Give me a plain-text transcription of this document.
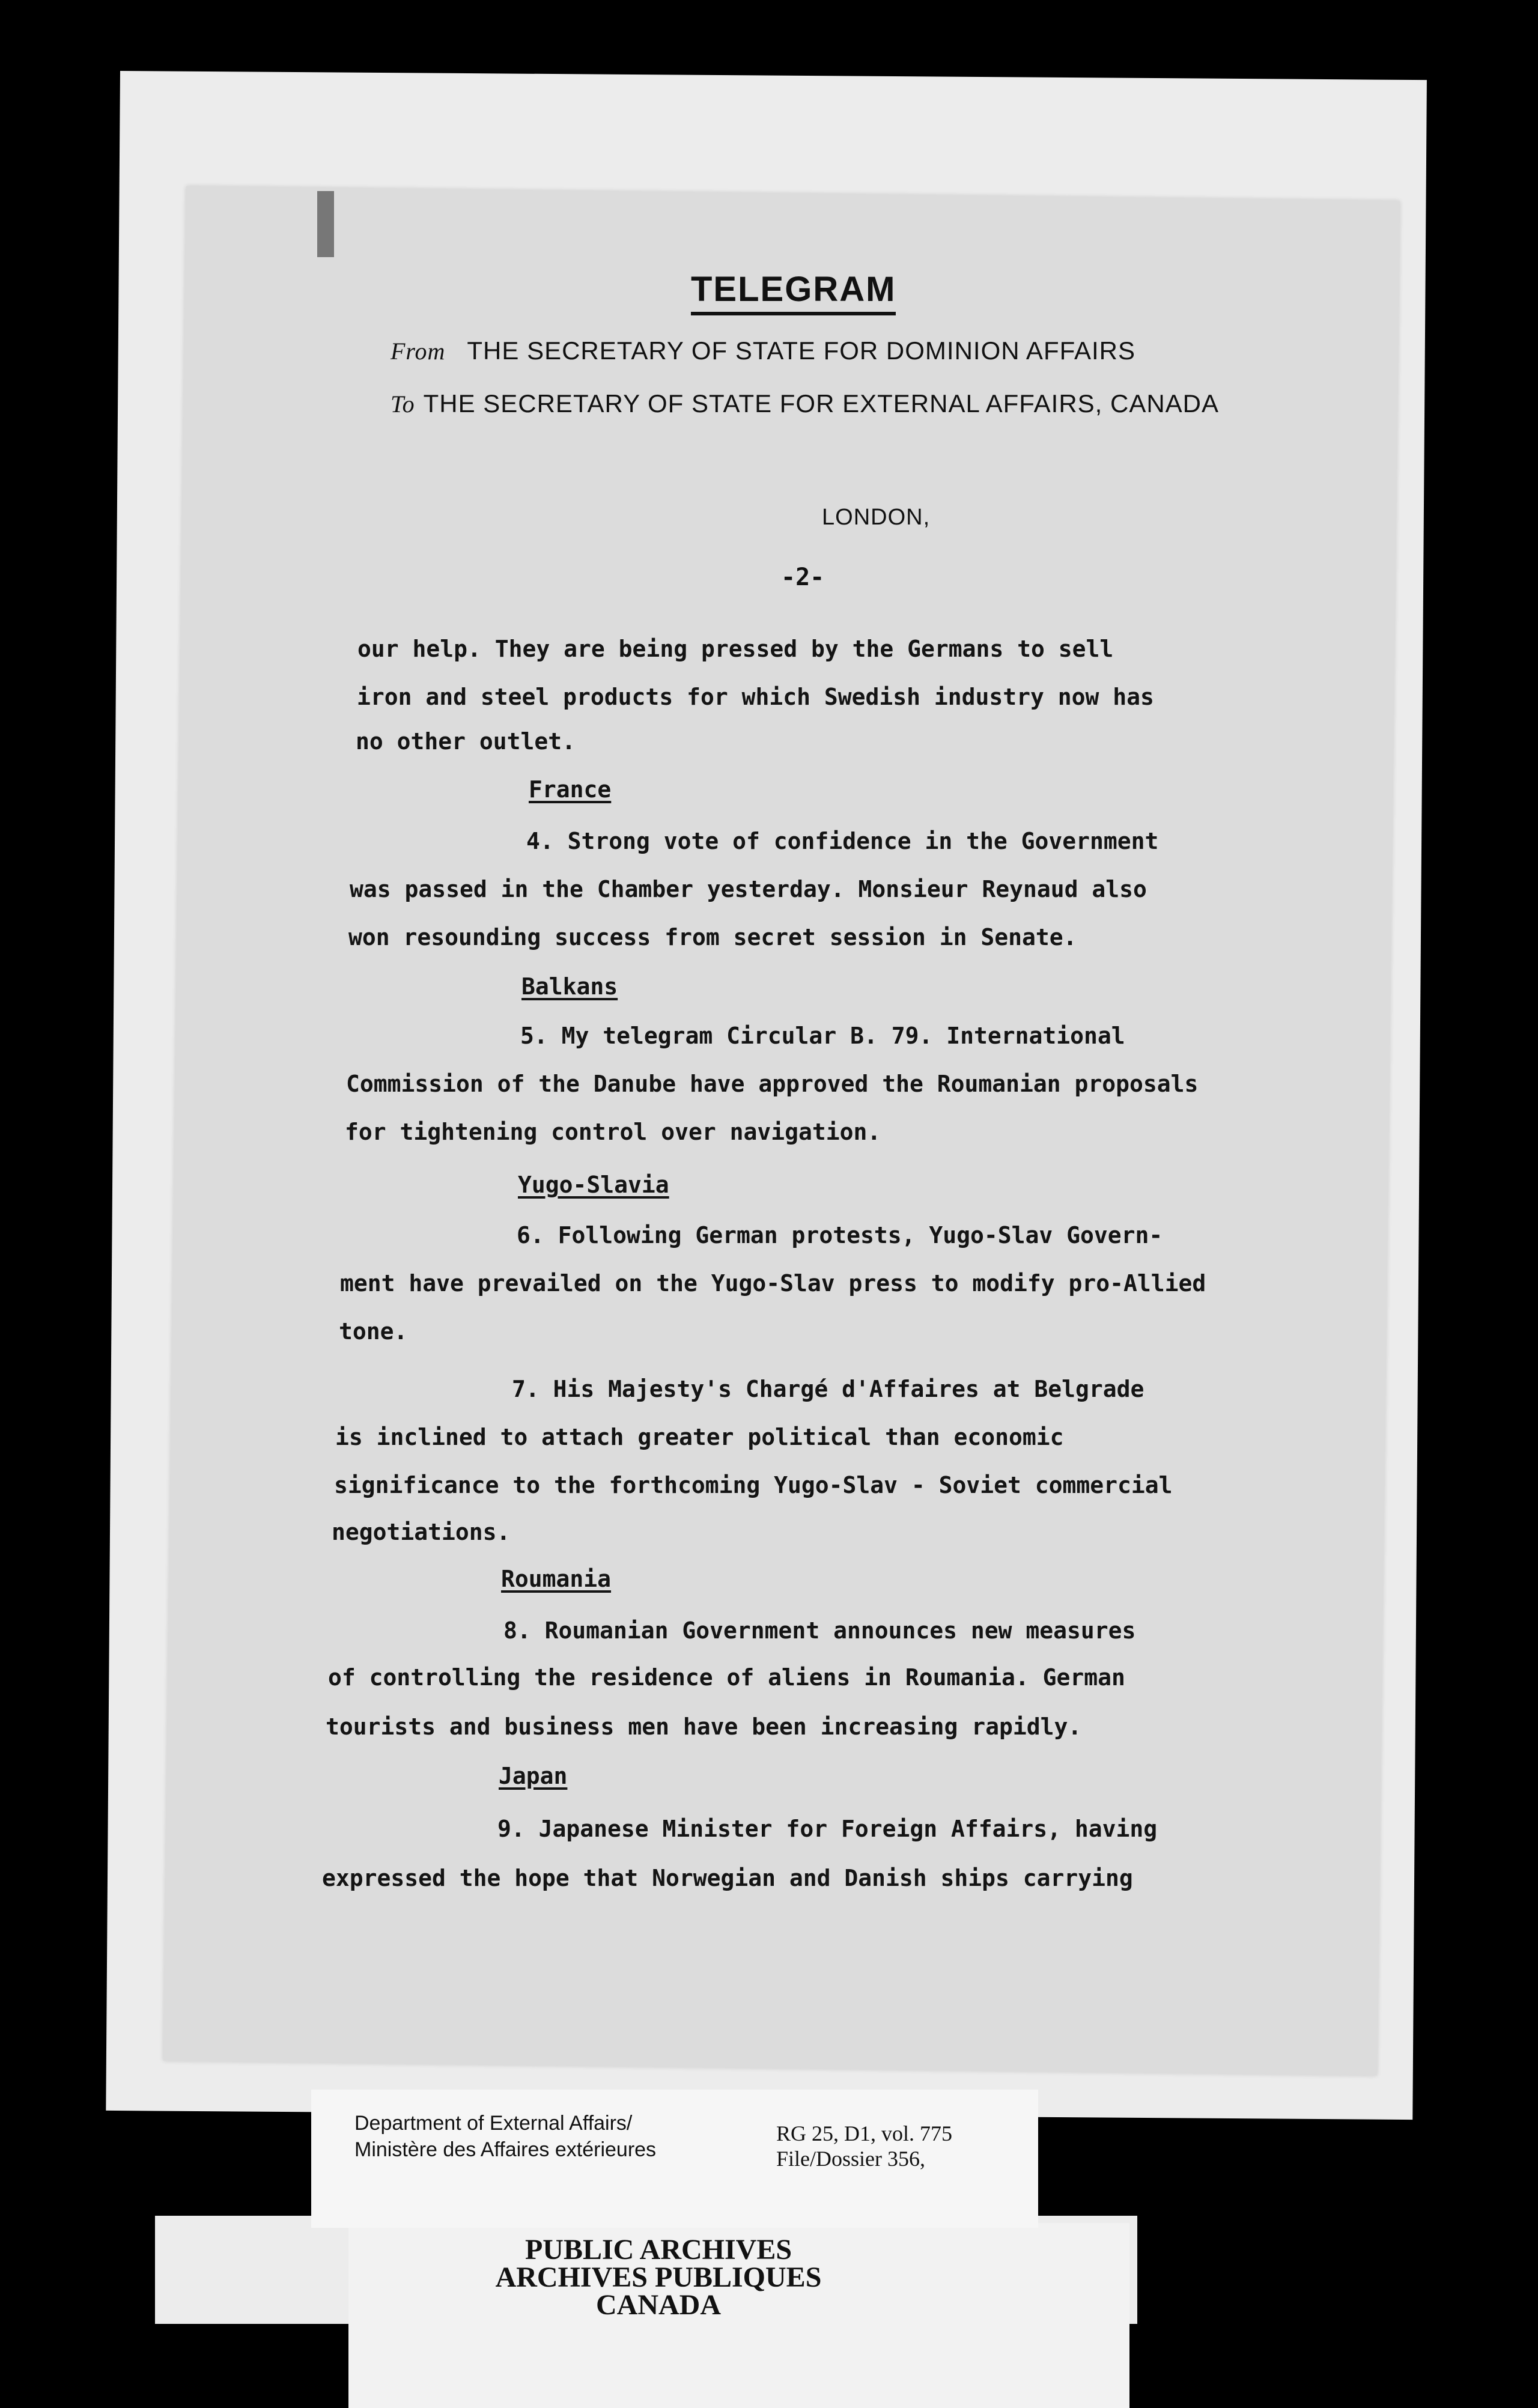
TELEGRAM
From THE SECRETARY OF STATE FOR DOMINION AFFAIRS
To THE SECRETARY OF STATE FOR EXTERNAL AFFAIRS, CANADA
LONDON,
-2-
our help. They are being pressed by the Germans to sell
iron and steel products for which Swedish industry now has
no other outlet.
France
4. Strong vote of confidence in the Government
was passed in the Chamber yesterday. Monsieur Reynaud also
won resounding success from secret session in Senate.
Balkans
5. My telegram Circular B. 79. International
Commission of the Danube have approved the Roumanian proposals
for tightening control over navigation.
Yugo-Slavia
6. Following German protests, Yugo-Slav Govern-
ment have prevailed on the Yugo-Slav press to modify pro-Allied
tone.
7. His Majesty's Chargé d'Affaires at Belgrade
is inclined to attach greater political than economic
significance to the forthcoming Yugo-Slav - Soviet commercial
negotiations.
Roumania
8. Roumanian Government announces new measures
of controlling the residence of aliens in Roumania. German
tourists and business men have been increasing rapidly.
Japan
9. Japanese Minister for Foreign Affairs, having
expressed the hope that Norwegian and Danish ships carrying
Department of External Affairs/
Ministère des Affaires extérieures
RG 25, D1, vol. 775
File/Dossier 356,
PUBLIC ARCHIVES
ARCHIVES PUBLIQUES
CANADA
